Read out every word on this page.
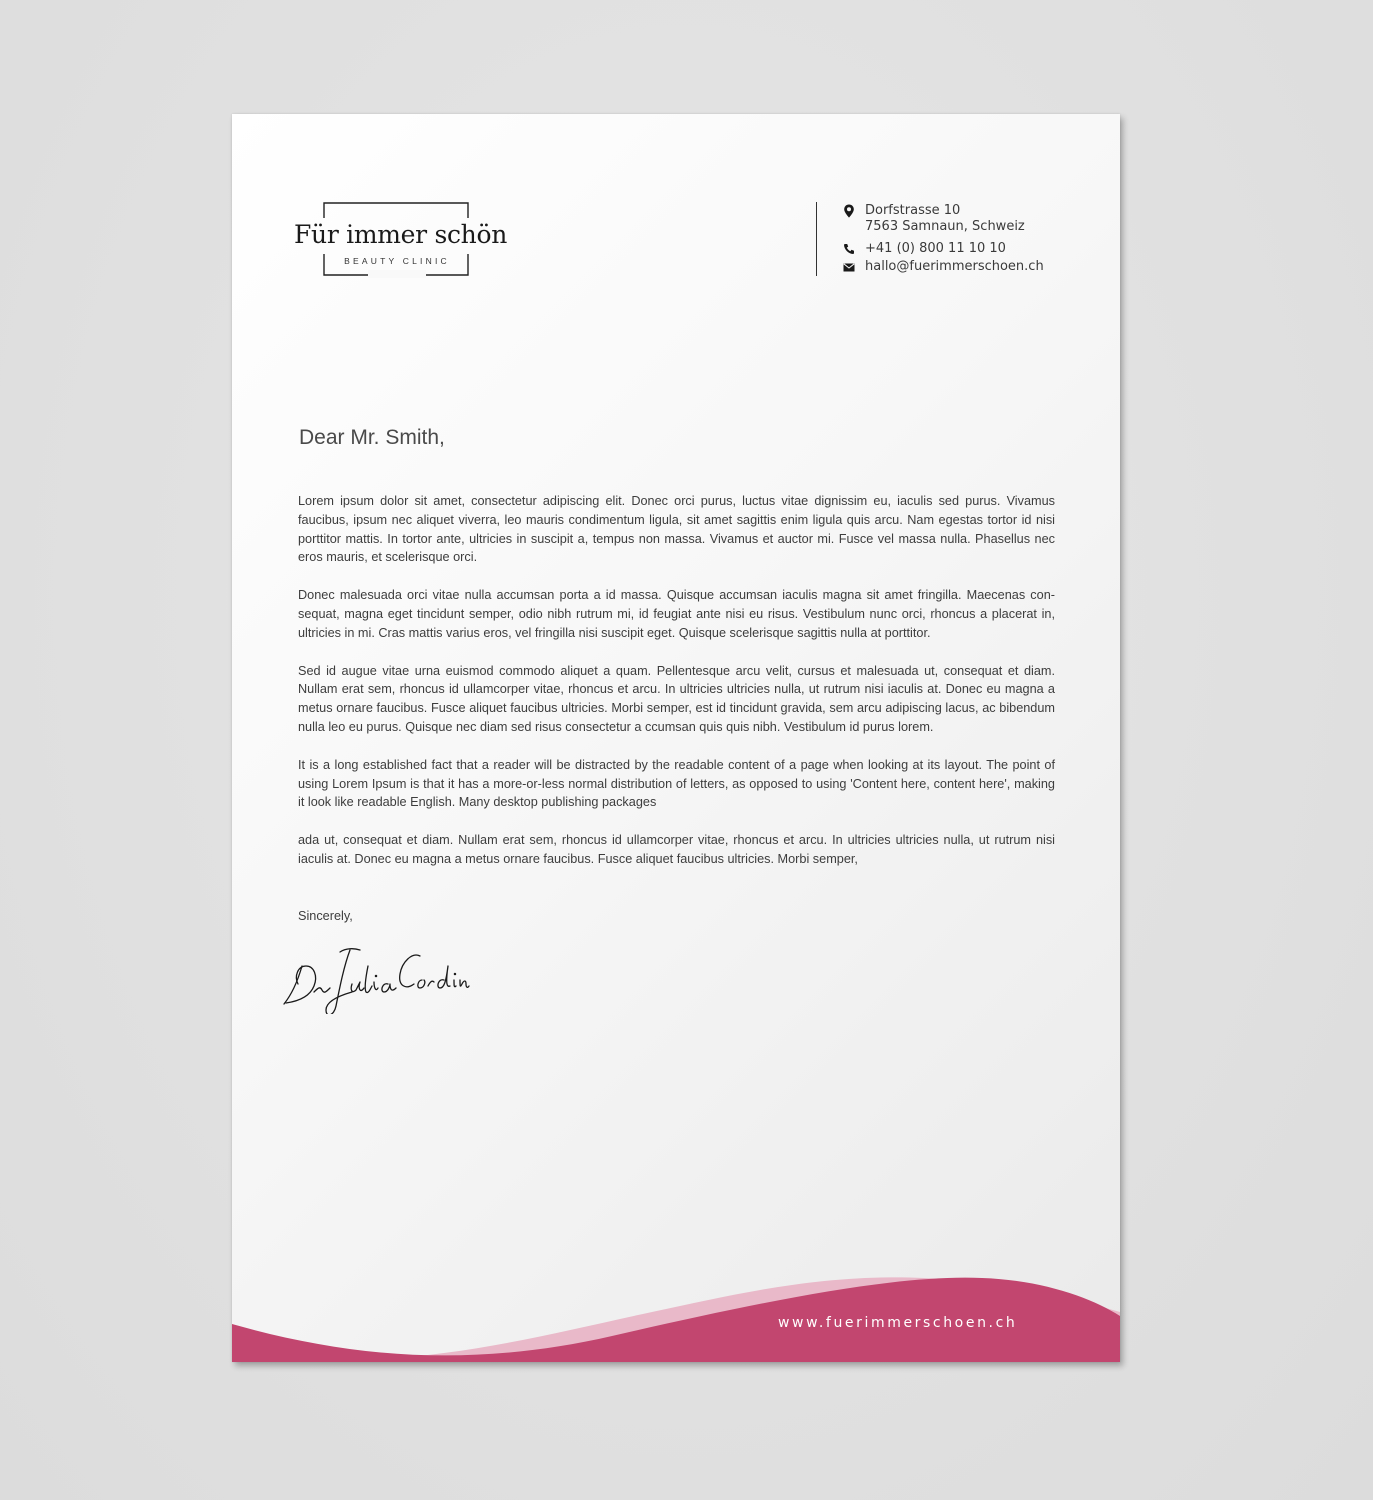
Für immer schön
BEAUTY CLINIC
Dorfstrasse 10
7563 Samnaun, Schweiz
+41 (0) 800 11 10 10
hallo@fuerimmerschoen.ch
Dear Mr. Smith,

Lorem ipsum dolor sit amet, consectetur adipiscing elit. Donec orci purus, luctus vitae dignissim eu, iaculis sed purus. Vivamus faucibus, ipsum nec aliquet viverra, leo mauris condimentum ligula, sit amet sagittis enim ligula quis arcu. Nam egestas tortor id nisi porttitor mattis. In tortor ante, ultricies in suscipit a, tempus non massa. Vivamus et auctor mi. Fusce vel massa nulla. Phasellus nec eros mauris, et scelerisque orci.

Donec malesuada orci vitae nulla accumsan porta a id massa. Quisque accumsan iaculis magna sit amet fringilla. Maecenas consequat, magna eget tincidunt semper, odio nibh rutrum mi, id feugiat ante nisi eu risus. Vestibulum nunc orci, rhoncus a placerat in, ultricies in mi. Cras mattis varius eros, vel fringilla nisi suscipit eget. Quisque scelerisque sagittis nulla at porttitor.

Sed id augue vitae urna euismod commodo aliquet a quam. Pellentesque arcu velit, cursus et malesuada ut, consequat et diam. Nullam erat sem, rhoncus id ullamcorper vitae, rhoncus et arcu. In ultricies ultricies nulla, ut rutrum nisi iaculis at. Donec eu magna a metus ornare faucibus. Fusce aliquet faucibus ultricies. Morbi semper, est id tincidunt gravida, sem arcu adipiscing lacus, ac bibendum nulla leo eu purus. Quisque nec diam sed risus consectetur a ccumsan quis quis nibh. Vestibulum id purus lorem.

It is a long established fact that a reader will be distracted by the readable content of a page when looking at its layout. The point of using Lorem Ipsum is that it has a more-or-less normal distribution of letters, as opposed to using 'Content here, content here', making it look like readable English. Many desktop publishing packages

ada ut, consequat et diam. Nullam erat sem, rhoncus id ullamcorper vitae, rhoncus et arcu. In ultricies ultricies nulla, ut rutrum nisi iaculis at. Donec eu magna a metus ornare faucibus. Fusce aliquet faucibus ultricies. Morbi semper,

Sincerely,
www.fuerimmerschoen.ch
